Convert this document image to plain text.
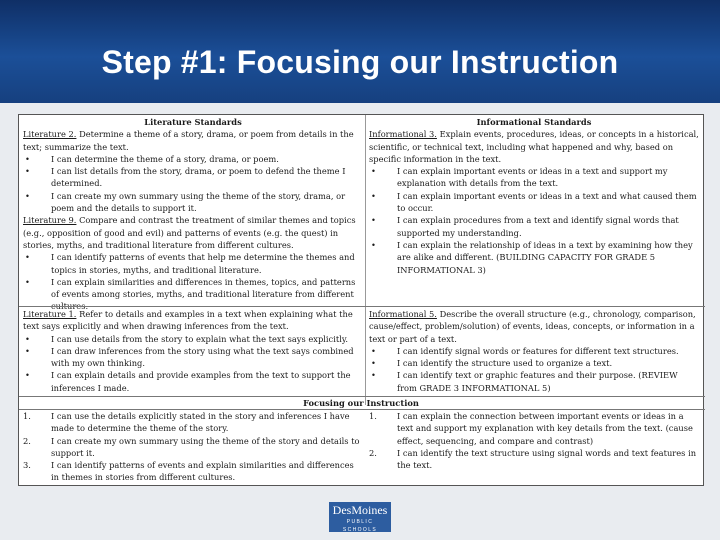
Step #1: Focusing our Instruction
Literature Standards
Literature 2. Determine a theme of a story, drama, or poem from details in the text; summarize the text.
• I can determine the theme of a story, drama, or poem.
• I can list details from the story, drama, or poem to defend the theme I determined.
• I can create my own summary using the theme of the story, drama, or poem and the details to support it.
Literature 9. Compare and contrast the treatment of similar themes and topics (e.g., opposition of good and evil) and patterns of events (e.g. the quest) in stories, myths, and traditional literature from different cultures.
• I can identify patterns of events that help me determine the themes and topics in stories, myths, and traditional literature.
• I can explain similarities and differences in themes, topics, and patterns of events among stories, myths, and traditional literature from different cultures.
Informational Standards
Informational 3. Explain events, procedures, ideas, or concepts in a historical, scientific, or technical text, including what happened and why, based on specific information in the text.
• I can explain important events or ideas in a text and support my explanation with details from the text.
• I can explain important events or ideas in a text and what caused them to occur.
• I can explain procedures from a text and identify signal words that supported my understanding.
• I can explain the relationship of ideas in a text by examining how they are alike and different. (BUILDING CAPACITY FOR GRADE 5 INFORMATIONAL 3)
Literature 1. Refer to details and examples in a text when explaining what the text says explicitly and when drawing inferences from the text.
• I can use details from the story to explain what the text says explicitly.
• I can draw inferences from the story using what the text says combined with my own thinking.
• I can explain details and provide examples from the text to support the inferences I made.
Informational 5. Describe the overall structure (e.g., chronology, comparison, cause/effect, problem/solution) of events, ideas, concepts, or information in a text or part of a text.
• I can identify signal words or features for different text structures.
• I can identify the structure used to organize a text.
• I can identify text or graphic features and their purpose. (REVIEW from GRADE 3 INFORMATIONAL 5)
Focusing our Instruction
1. I can use the details explicitly stated in the story and inferences I have made to determine the theme of the story.
2. I can create my own summary using the theme of the story and details to support it.
3. I can identify patterns of events and explain similarities and differences in themes in stories from different cultures.
1. I can explain the connection between important events or ideas in a text and support my explanation with key details from the text. (cause effect, sequencing, and compare and contrast)
2. I can identify the text structure using signal words and text features in the text.
DesMoines
PUBLIC SCHOOLS
